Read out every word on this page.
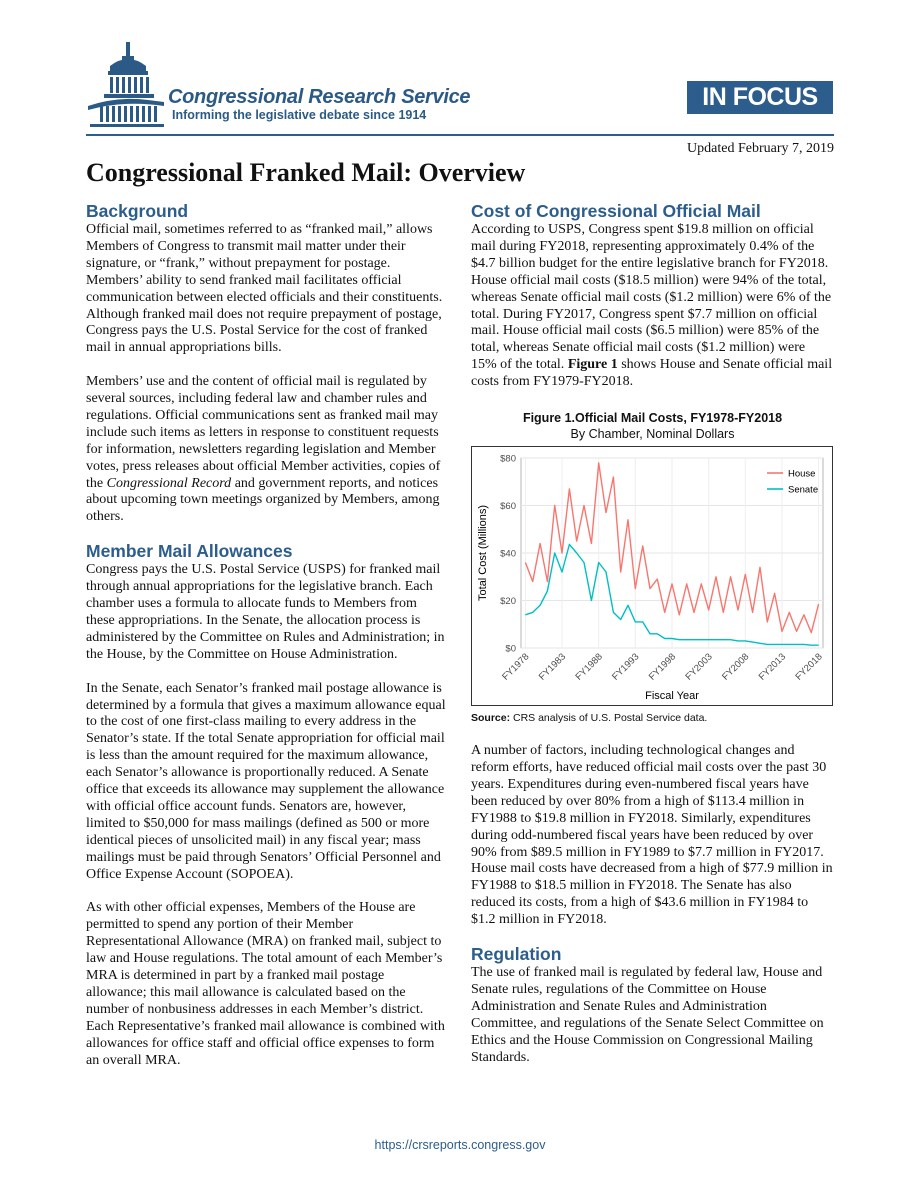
Congressional Research Service
Informing the legislative debate since 1914
IN FOCUS
Updated February 7, 2019
Congressional Franked Mail: Overview
Background

Official mail, sometimes referred to as “franked mail,” allows Members of Congress to transmit mail matter under their signature, or “frank,” without prepayment for postage. Members’ ability to send franked mail facilitates official communication between elected officials and their constituents. Although franked mail does not require prepayment of postage, Congress pays the U.S. Postal Service for the cost of franked mail in annual appropriations bills.

Members’ use and the content of official mail is regulated by several sources, including federal law and chamber rules and regulations. Official communications sent as franked mail may include such items as letters in response to constituent requests for information, newsletters regarding legislation and Member votes, press releases about official Member activities, copies of the Congressional Record and government reports, and notices about upcoming town meetings organized by Members, among others.

Member Mail Allowances

Congress pays the U.S. Postal Service (USPS) for franked mail through annual appropriations for the legislative branch. Each chamber uses a formula to allocate funds to Members from these appropriations. In the Senate, the allocation process is administered by the Committee on Rules and Administration; in the House, by the Committee on House Administration.

In the Senate, each Senator’s franked mail postage allowance is determined by a formula that gives a maximum allowance equal to the cost of one first-class mailing to every address in the Senator’s state. If the total Senate appropriation for official mail is less than the amount required for the maximum allowance, each Senator’s allowance is proportionally reduced. A Senate office that exceeds its allowance may supplement the allowance with official office account funds. Senators are, however, limited to $50,000 for mass mailings (defined as 500 or more identical pieces of unsolicited mail) in any fiscal year; mass mailings must be paid through Senators’ Official Personnel and Office Expense Account (SOPOEA).

As with other official expenses, Members of the House are permitted to spend any portion of their Member Representational Allowance (MRA) on franked mail, subject to law and House regulations. The total amount of each Member’s MRA is determined in part by a franked mail postage allowance; this mail allowance is calculated based on the number of nonbusiness addresses in each Member’s district. Each Representative’s franked mail allowance is combined with allowances for office staff and official office expenses to form an overall MRA.

Cost of Congressional Official Mail

According to USPS, Congress spent $19.8 million on official mail during FY2018, representing approximately 0.4% of the $4.7 billion budget for the entire legislative branch for FY2018. House official mail costs ($18.5 million) were 94% of the total, whereas Senate official mail costs ($1.2 million) were 6% of the total. During FY2017, Congress spent $7.7 million on official mail. House official mail costs ($6.5 million) were 85% of the total, whereas Senate official mail costs ($1.2 million) were 15% of the total. Figure 1 shows House and Senate official mail costs from FY1979-FY2018.

Figure 1.Official Mail Costs, FY1978-FY2018
By Chamber, Nominal Dollars
$0
$20
$40
$60
$80
FY1978 FY1983 FY1988 FY1993 FY1998 FY2003 FY2008 FY2013 FY2018
Fiscal Year
Total Cost (Millions)
House
Senate
Source: CRS analysis of U.S. Postal Service data.

A number of factors, including technological changes and reform efforts, have reduced official mail costs over the past 30 years. Expenditures during even-numbered fiscal years have been reduced by over 80% from a high of $113.4 million in FY1988 to $19.8 million in FY2018. Similarly, expenditures during odd-numbered fiscal years have been reduced by over 90% from $89.5 million in FY1989 to $7.7 million in FY2017. House mail costs have decreased from a high of $77.9 million in FY1988 to $18.5 million in FY2018. The Senate has also reduced its costs, from a high of $43.6 million in FY1984 to $1.2 million in FY2018.

Regulation

The use of franked mail is regulated by federal law, House and Senate rules, regulations of the Committee on House Administration and Senate Rules and Administration Committee, and regulations of the Senate Select Committee on Ethics and the House Commission on Congressional Mailing Standards.

https://crsreports.congress.gov
